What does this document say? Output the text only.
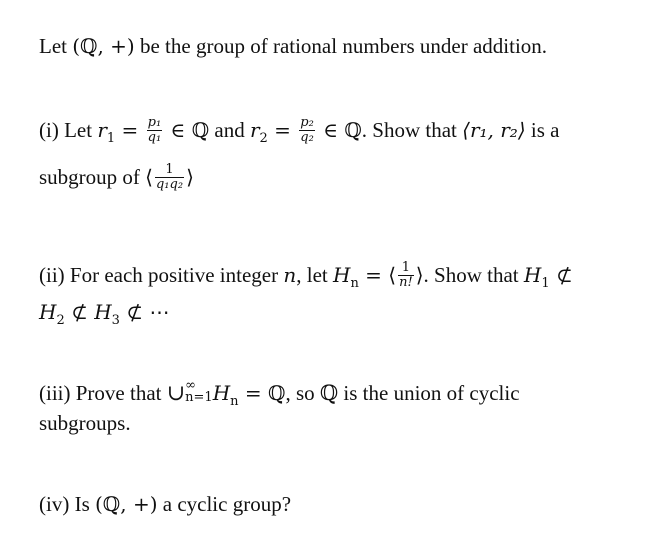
Let (ℚ, +) be the group of rational numbers under addition.
(i) Let $r_1 = \frac{\text{p₁}}{\text{q₁}}$ ∈ ℚ and $r_2 = \frac{\text{p₂}}{\text{q₂}}$ ∈ ℚ. Show that ⟨r₁, r₂⟩ is a
subgroup of ⟨ $\frac{1}{\text{q₁q₂}}$ ⟩
(ii) For each positive integer n, let $H_n$ = ⟨ $\frac{1}{n!}$ ⟩. Show that $H_1$ ⊄
$H_2$ ⊄ $H_3$ ⊄ ⋯
(iii) Prove that ∪ ∞
n=1 $H_n$ = ℚ, so ℚ is the union of cyclic
subgroups.
(iv) Is (ℚ, +) a cyclic group?
